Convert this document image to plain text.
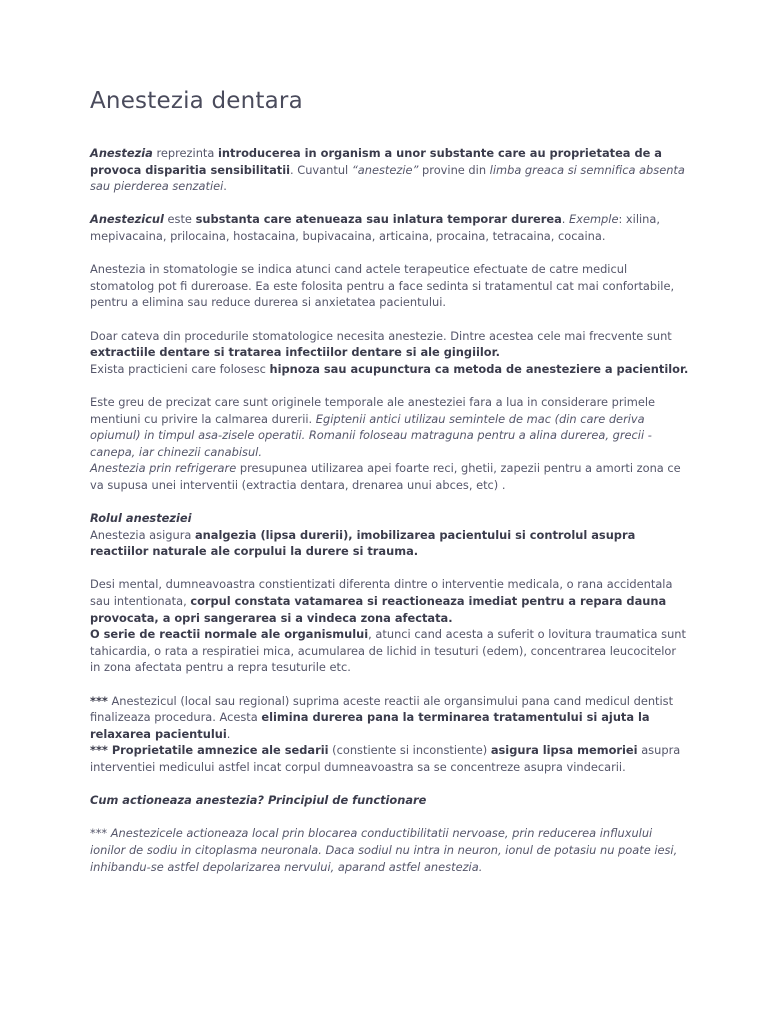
Anestezia dentara

Anestezia reprezinta introducerea in organism a unor substante care au proprietatea de a provoca disparitia sensibilitatii. Cuvantul “anestezie” provine din limba greaca si semnifica absenta sau pierderea senzatiei.

Anestezicul este substanta care atenueaza sau inlatura temporar durerea. Exemple: xilina, mepivacaina, prilocaina, hostacaina, bupivacaina, articaina, procaina, tetracaina, cocaina.

Anestezia in stomatologie se indica atunci cand actele terapeutice efectuate de catre medicul stomatolog pot fi dureroase. Ea este folosita pentru a face sedinta si tratamentul cat mai confortabile, pentru a elimina sau reduce durerea si anxietatea pacientului.

Doar cateva din procedurile stomatologice necesita anestezie. Dintre acestea cele mai frecvente sunt extractiile dentare si tratarea infectiilor dentare si ale gingiilor.
Exista practicieni care folosesc hipnoza sau acupunctura ca metoda de anesteziere a pacientilor.

Este greu de precizat care sunt originele temporale ale anesteziei fara a lua in considerare primele mentiuni cu privire la calmarea durerii. Egiptenii antici utilizau semintele de mac (din care deriva opiumul) in timpul asa-zisele operatii. Romanii foloseau matraguna pentru a alina durerea, grecii - canepa, iar chinezii canabisul.
Anestezia prin refrigerare presupunea utilizarea apei foarte reci, ghetii, zapezii pentru a amorti zona ce va supusa unei interventii (extractia dentara, drenarea unui abces, etc) .

Rolul anesteziei
Anestezia asigura analgezia (lipsa durerii), imobilizarea pacientului si controlul asupra reactiilor naturale ale corpului la durere si trauma.

Desi mental, dumneavoastra constientizati diferenta dintre o interventie medicala, o rana accidentala sau intentionata, corpul constata vatamarea si reactioneaza imediat pentru a repara dauna provocata, a opri sangerarea si a vindeca zona afectata.
O serie de reactii normale ale organismului, atunci cand acesta a suferit o lovitura traumatica sunt tahicardia, o rata a respiratiei mica, acumularea de lichid in tesuturi (edem), concentrarea leucocitelor in zona afectata pentru a repra tesuturile etc.

*** Anestezicul (local sau regional) suprima aceste reactii ale organsimului pana cand medicul dentist finalizeaza procedura. Acesta elimina durerea pana la terminarea tratamentului si ajuta la relaxarea pacientului.
*** Proprietatile amnezice ale sedarii (constiente si inconstiente) asigura lipsa memoriei asupra interventiei medicului astfel incat corpul dumneavoastra sa se concentreze asupra vindecarii.

Cum actioneaza anestezia? Principiul de functionare

*** Anestezicele actioneaza local prin blocarea conductibilitatii nervoase, prin reducerea influxului ionilor de sodiu in citoplasma neuronala. Daca sodiul nu intra in neuron, ionul de potasiu nu poate iesi, inhibandu-se astfel depolarizarea nervului, aparand astfel anestezia.
